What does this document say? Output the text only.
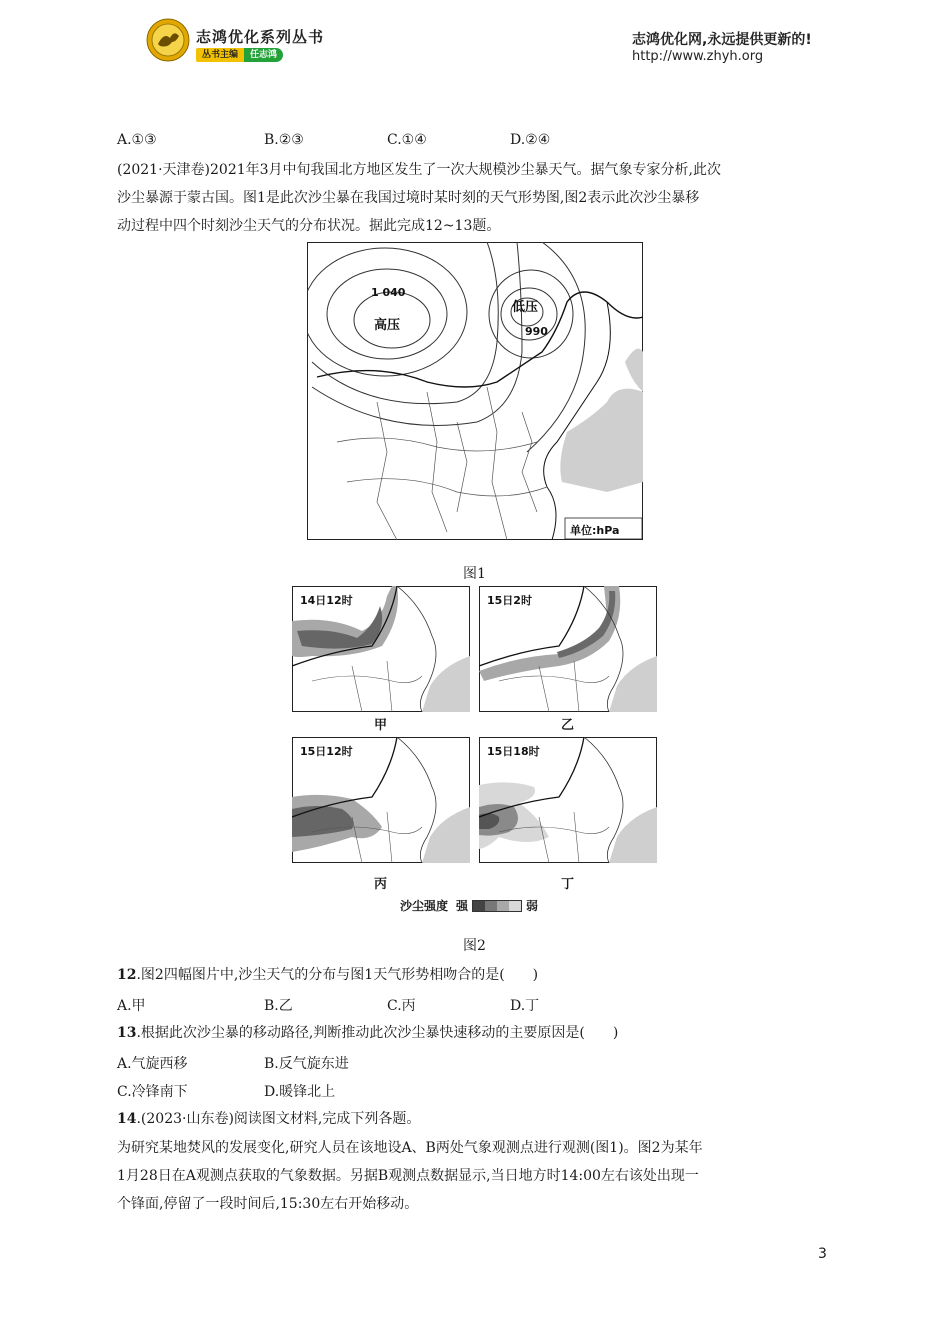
志鸿优化系列丛书
丛书主编	任志鸿
志鸿优化网,永远提供更新的!
http://www.zhyh.org
A.①③	B.②③	C.①④	D.②④
(2021·天津卷)2021年3月中旬我国北方地区发生了一次大规模沙尘暴天气。据气象专家分析,此次
沙尘暴源于蒙古国。图1是此次沙尘暴在我国过境时某时刻的天气形势图,图2表示此次沙尘暴移
动过程中四个时刻沙尘天气的分布状况。据此完成12~13题。
1 040
高压
低压
990
单位:hPa
图1
14日12时	15日2时
甲	乙
15日12时	15日18时
丙	丁
沙尘强度 强	弱
图2
12.图2四幅图片中,沙尘天气的分布与图1天气形势相吻合的是(　　)
A.甲	B.乙	C.丙	D.丁
13.根据此次沙尘暴的移动路径,判断推动此次沙尘暴快速移动的主要原因是(　　)
A.气旋西移	B.反气旋东进
C.冷锋南下	D.暖锋北上
14.(2023·山东卷)阅读图文材料,完成下列各题。
为研究某地焚风的发展变化,研究人员在该地设A、B两处气象观测点进行观测(图1)。图2为某年
1月28日在A观测点获取的气象数据。另据B观测点数据显示,当日地方时14:00左右该处出现一
个锋面,停留了一段时间后,15:30左右开始移动。
3
